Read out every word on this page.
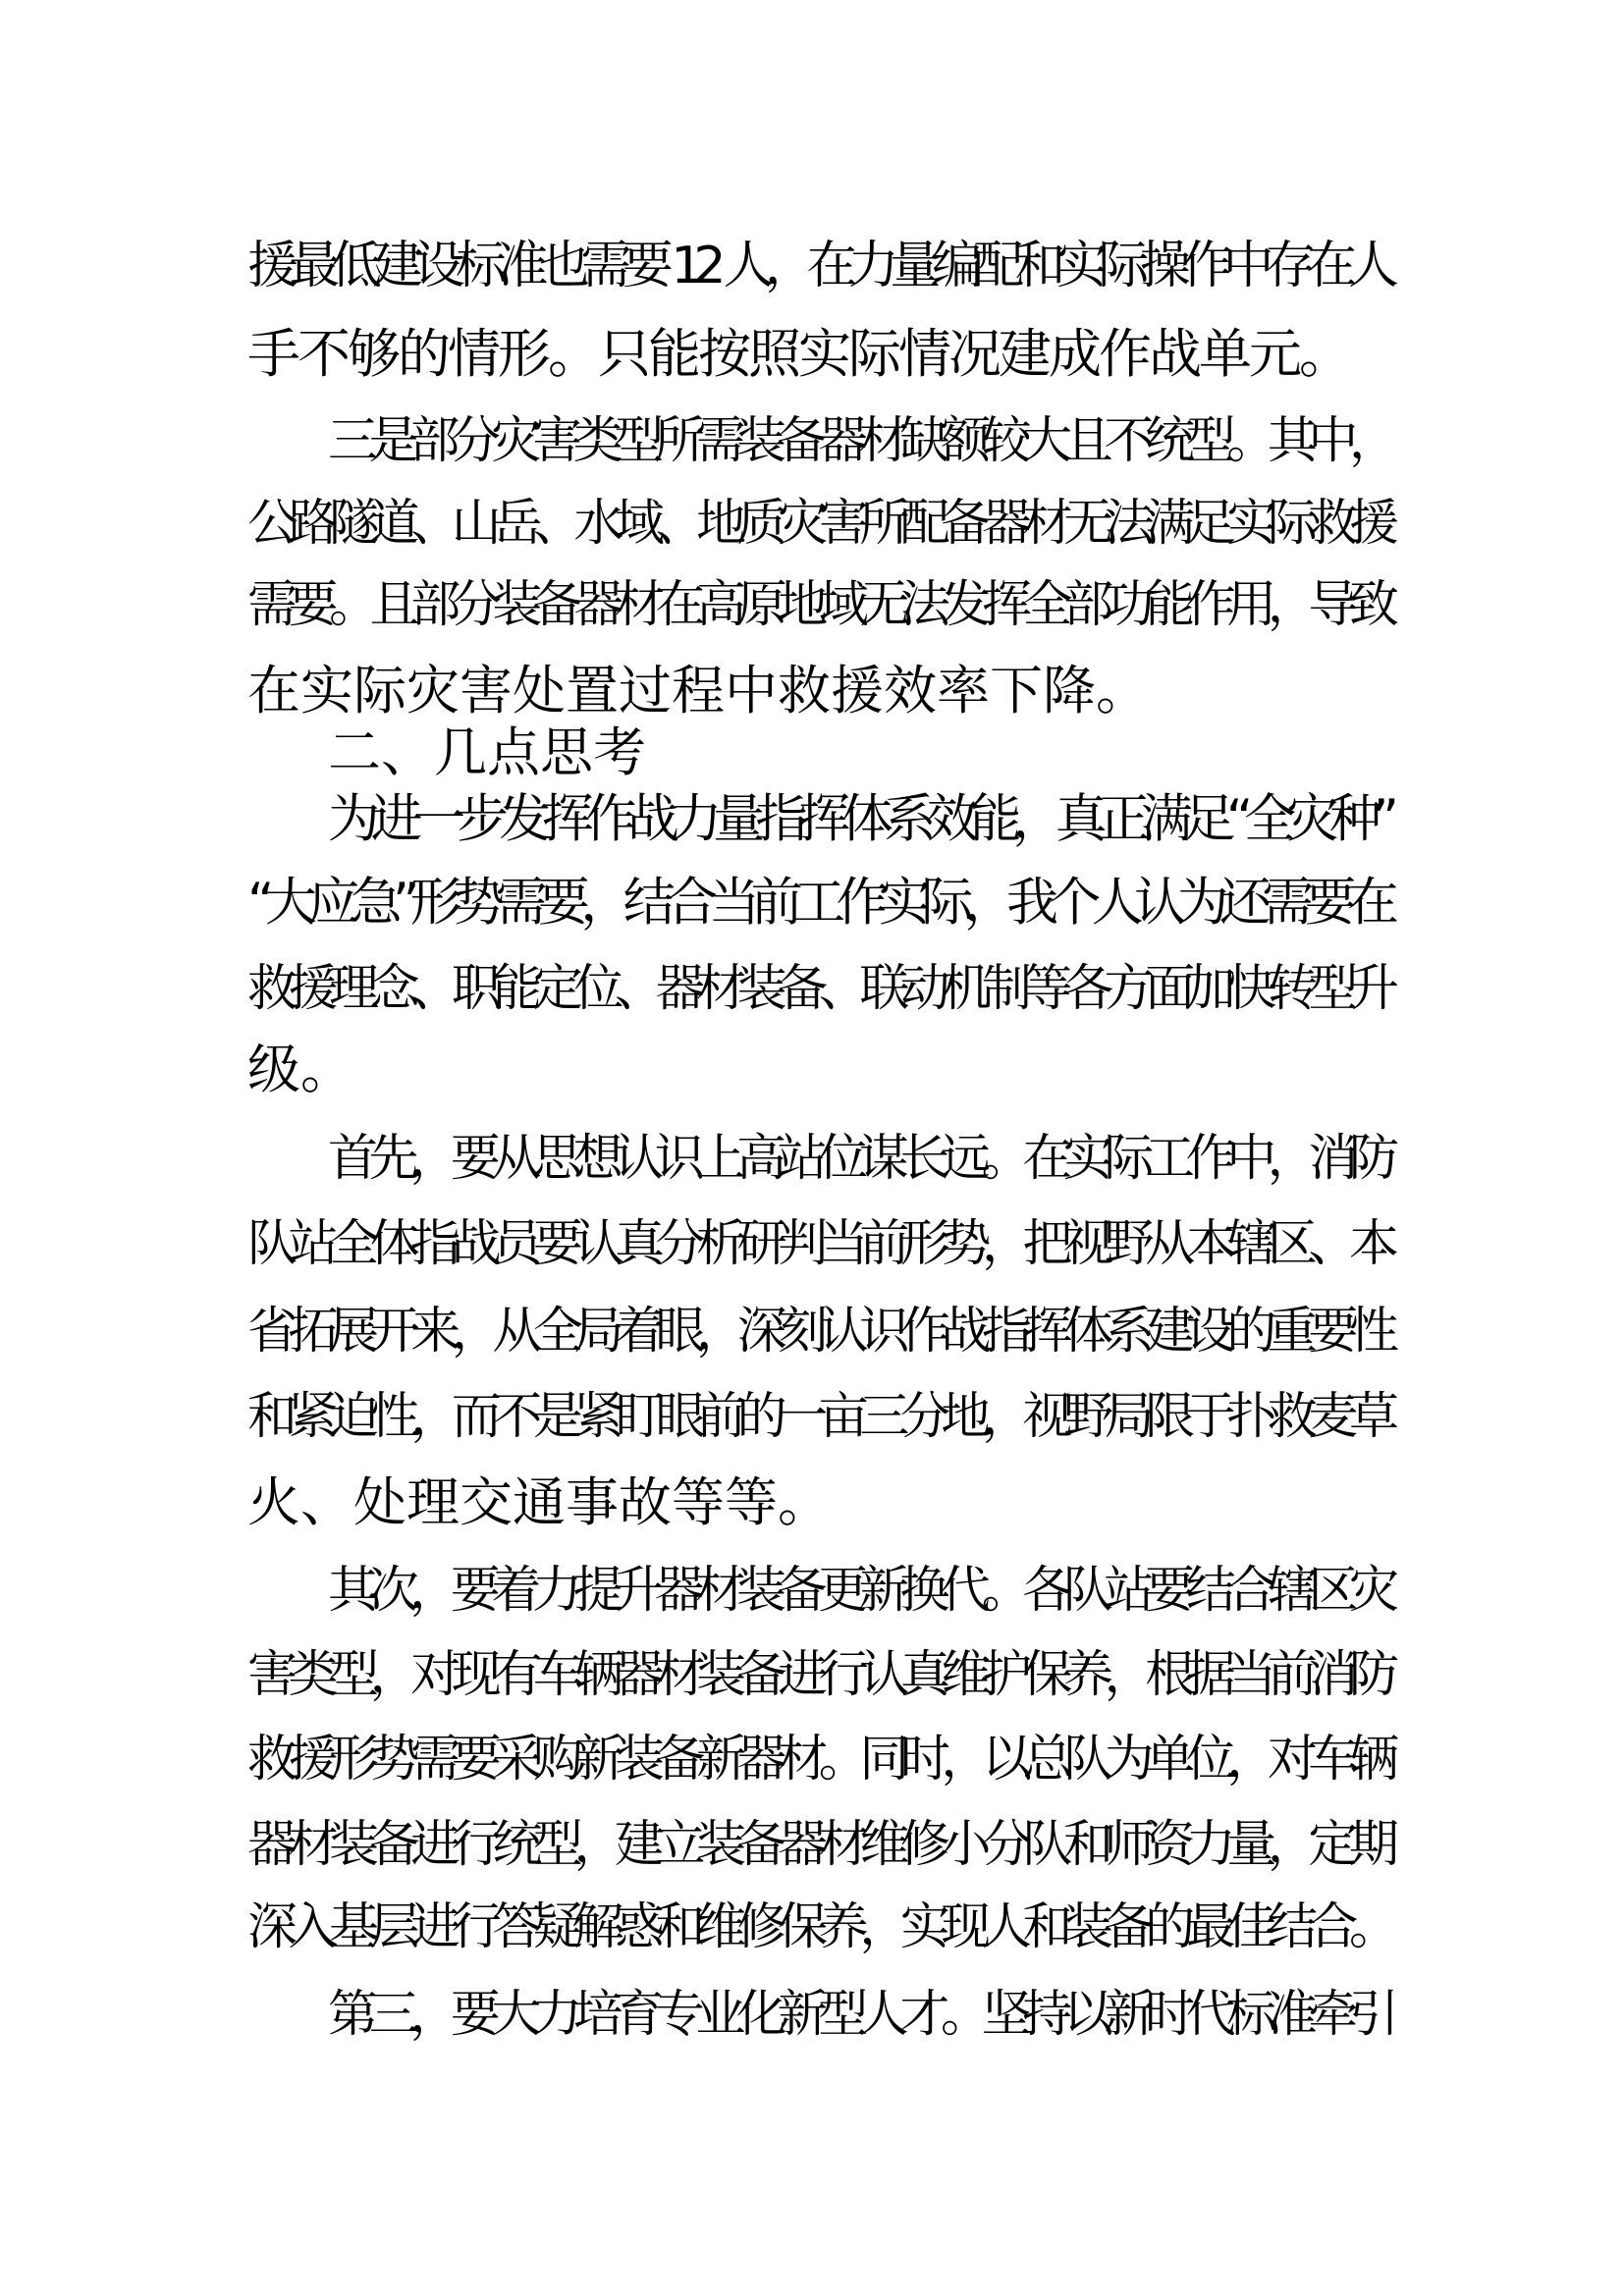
援最低建设标准也需要 12 人，在力量编配和实际操作中存在人
手不够的情形。只能按照实际情况建成作战单元。
三是部分灾害类型所需装备器材缺额较大且不统型。其中，
公路隧道、山岳、水域、地质灾害所配备器材无法满足实际救援
需要。且部分装备器材在高原地域无法发挥全部功能作用，导致
在实际灾害处置过程中救援效率下降。
二、几点思考
为进一步发挥作战力量指挥体系效能，真正满足“全灾种”
“大应急”形势需要，结合当前工作实际，我个人认为还需要在
救援理念、职能定位、器材装备、联动机制等各方面加快转型升
级。
首先，要从思想认识上高站位谋长远。在实际工作中，消防
队站全体指战员要认真分析研判当前形势，把视野从本辖区、本
省拓展开来，从全局着眼，深刻认识作战指挥体系建设的重要性
和紧迫性，而不是紧盯眼前的一亩三分地，视野局限于扑救麦草
火、处理交通事故等等。
其次，要着力提升器材装备更新换代。各队站要结合辖区灾
害类型，对现有车辆器材装备进行认真维护保养，根据当前消防
救援形势需要采购新装备新器材。同时，以总队为单位，对车辆
器材装备进行统型，建立装备器材维修小分队和师资力量，定期
深入基层进行答疑解惑和维修保养，实现人和装备的最佳结合。
第三，要大力培育专业化新型人才。坚持以新时代标准牵引
